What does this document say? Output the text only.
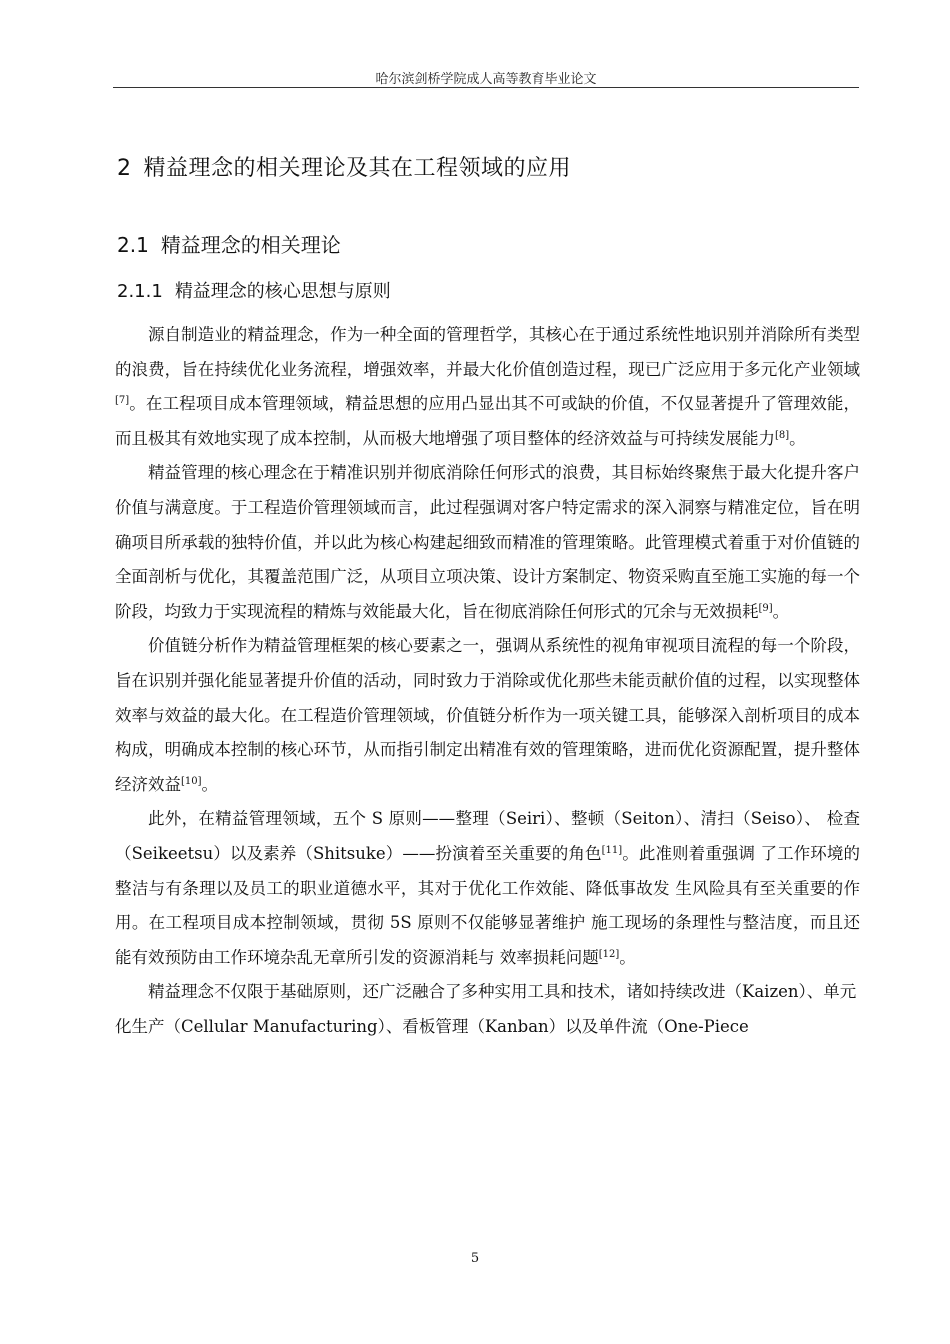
哈尔滨剑桥学院成人高等教育毕业论文
2 精益理念的相关理论及其在工程领域的应用
2.1 精益理念的相关理论
2.1.1 精益理念的核心思想与原则

源自制造业的精益理念，作为一种全面的管理哲学，其核心在于通过系统性地识别并消除所有类型的浪费，旨在持续优化业务流程，增强效率，并最大化价值创造过程，现已广泛应用于多元化产业领域[7]。在工程项目成本管理领域，精益思想的应用凸显出其不可或缺的价值，不仅显著提升了管理效能，而且极其有效地实现了成本控制，从而极大地增强了项目整体的经济效益与可持续发展能力[8]。

精益管理的核心理念在于精准识别并彻底消除任何形式的浪费，其目标始终聚焦于最大化提升客户价值与满意度。于工程造价管理领域而言，此过程强调对客户特定需求的深入洞察与精准定位，旨在明确项目所承载的独特价值，并以此为核心构建起细致而精准的管理策略。此管理模式着重于对价值链的全面剖析与优化，其覆盖范围广泛，从项目立项决策、设计方案制定、物资采购直至施工实施的每一个阶段，均致力于实现流程的精炼与效能最大化，旨在彻底消除任何形式的冗余与无效损耗[9]。

价值链分析作为精益管理框架的核心要素之一，强调从系统性的视角审视项目流程的每一个阶段，旨在识别并强化能显著提升价值的活动，同时致力于消除或优化那些未能贡献价值的过程，以实现整体效率与效益的最大化。在工程造价管理领域，价值链分析作为一项关键工具，能够深入剖析项目的成本构成，明确成本控制的核心环节，从而指引制定出精准有效的管理策略，进而优化资源配置，提升整体经济效益[10]。

此外，在精益管理领域，五个 S 原则——整理（Seiri）、整顿（Seiton）、清扫（Seiso）、 检查（Seikeetsu）以及素养（Shitsuke）——扮演着至关重要的角色[11]。此准则着重强调 了工作环境的整洁与有条理以及员工的职业道德水平，其对于优化工作效能、降低事故发 生风险具有至关重要的作用。在工程项目成本控制领域，贯彻 5S 原则不仅能够显著维护 施工现场的条理性与整洁度，而且还能有效预防由工作环境杂乱无章所引发的资源消耗与 效率损耗问题[12]。

精益理念不仅限于基础原则，还广泛融合了多种实用工具和技术，诸如持续改进（Kaizen）、单元化生产（Cellular Manufacturing）、看板管理（Kanban）以及单件流（One-Piece

5
